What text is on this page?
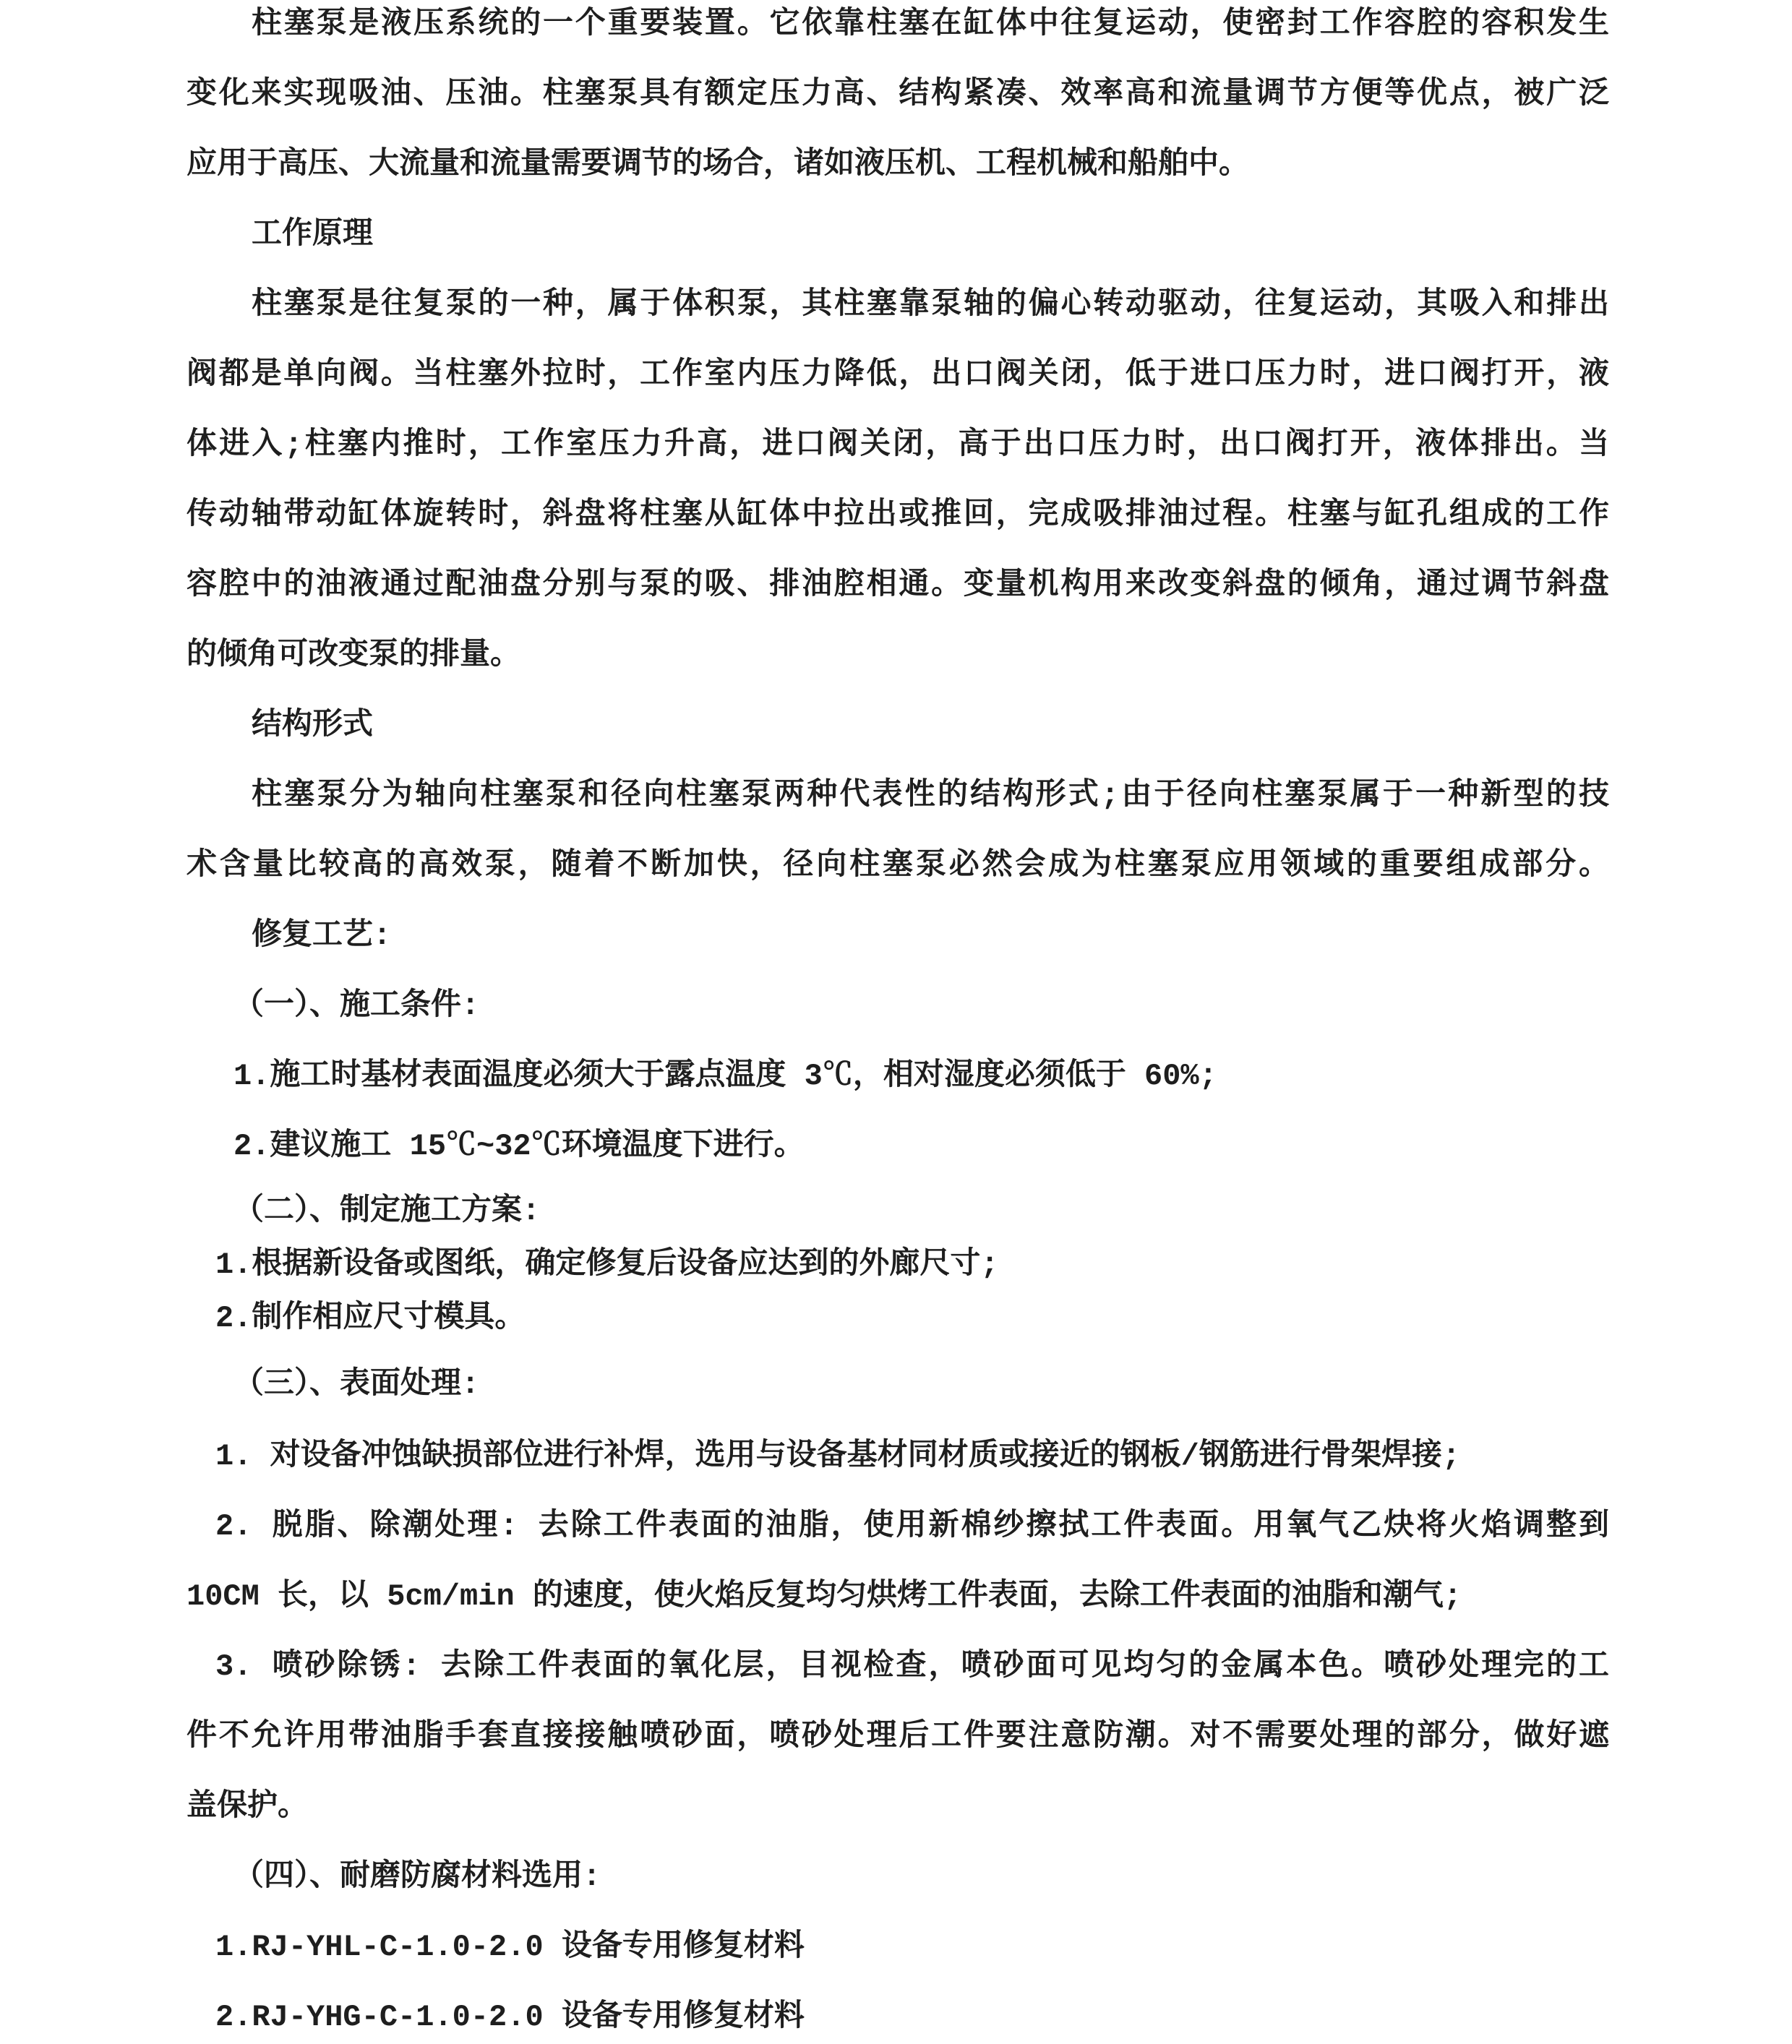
柱塞泵是液压系统的一个重要装置。它依靠柱塞在缸体中往复运动，使密封工作容腔的容积发生
变化来实现吸油、压油。柱塞泵具有额定压力高、结构紧凑、效率高和流量调节方便等优点，被广泛
应用于高压、大流量和流量需要调节的场合，诸如液压机、工程机械和船舶中。
工作原理
柱塞泵是往复泵的一种，属于体积泵，其柱塞靠泵轴的偏心转动驱动，往复运动，其吸入和排出
阀都是单向阀。当柱塞外拉时，工作室内压力降低，出口阀关闭，低于进口压力时，进口阀打开，液
体进入;柱塞内推时，工作室压力升高，进口阀关闭，高于出口压力时，出口阀打开，液体排出。当
传动轴带动缸体旋转时，斜盘将柱塞从缸体中拉出或推回，完成吸排油过程。柱塞与缸孔组成的工作
容腔中的油液通过配油盘分别与泵的吸、排油腔相通。变量机构用来改变斜盘的倾角，通过调节斜盘
的倾角可改变泵的排量。
结构形式
柱塞泵分为轴向柱塞泵和径向柱塞泵两种代表性的结构形式;由于径向柱塞泵属于一种新型的技
术含量比较高的高效泵，随着不断加快，径向柱塞泵必然会成为柱塞泵应用领域的重要组成部分。
修复工艺:
（一）、施工条件:
1.施工时基材表面温度必须大于露点温度 3℃，相对湿度必须低于 60%;
2.建议施工 15℃~32℃环境温度下进行。
（二）、制定施工方案:
1.根据新设备或图纸，确定修复后设备应达到的外廊尺寸;
2.制作相应尺寸模具。
（三）、表面处理:
1. 对设备冲蚀缺损部位进行补焊，选用与设备基材同材质或接近的钢板/钢筋进行骨架焊接;
2. 脱脂、除潮处理: 去除工件表面的油脂，使用新棉纱擦拭工件表面。用氧气乙炔将火焰调整到
10CM 长，以 5cm/min 的速度，使火焰反复均匀烘烤工件表面，去除工件表面的油脂和潮气;
3. 喷砂除锈: 去除工件表面的氧化层，目视检查，喷砂面可见均匀的金属本色。喷砂处理完的工
件不允许用带油脂手套直接接触喷砂面，喷砂处理后工件要注意防潮。对不需要处理的部分，做好遮
盖保护。
（四）、耐磨防腐材料选用:
1.RJ-YHL-C-1.0-2.0 设备专用修复材料
2.RJ-YHG-C-1.0-2.0 设备专用修复材料
